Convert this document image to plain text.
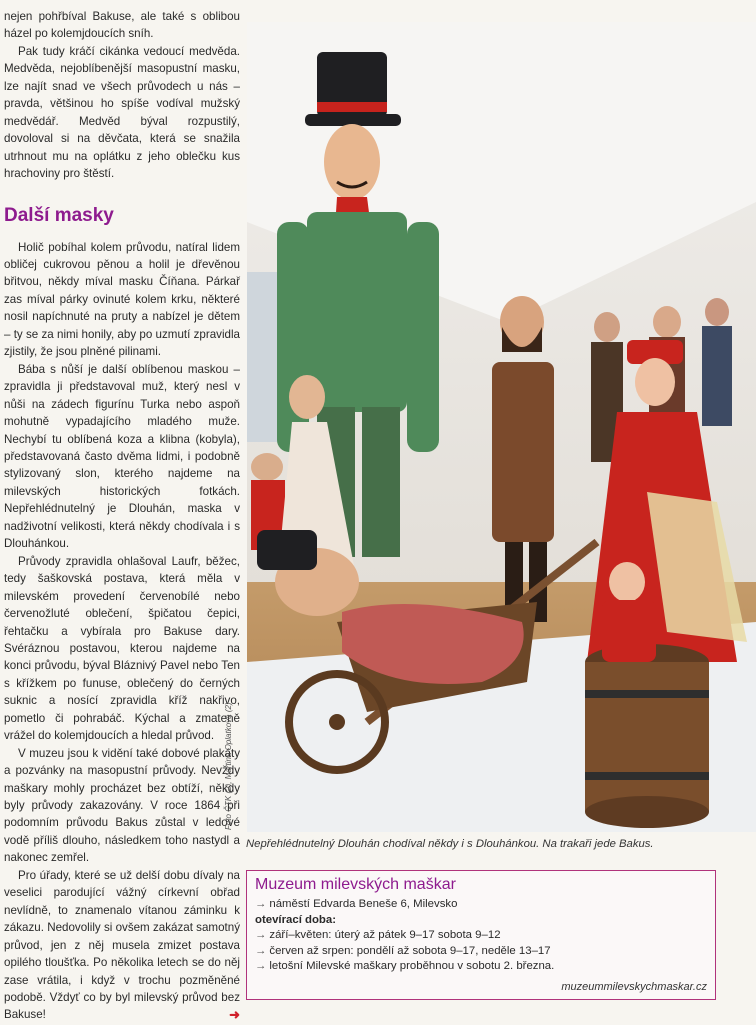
nejen pohřbíval Bakuse, ale také s oblibou házel po kolemjdoucích sníh.

Pak tudy kráčí cikánka vedoucí medvěda. Medvěda, nejoblíbenější masopustní masku, lze najít snad ve všech průvodech u nás – pravda, většinou ho spíše vodíval mužský medvědář. Medvěd býval rozpustilý, dovoloval si na děvčata, která se snažila utrhnout mu na oplátku z jeho oblečku kus hrachoviny pro štěstí.

Další masky

Holič pobíhal kolem průvodu, natíral lidem obličej cukrovou pěnou a holil je dřevěnou břitvou, někdy míval masku Číňana. Párkař zas míval párky ovinuté kolem krku, některé nosil napíchnuté na pruty a nabízel je dětem – ty se za nimi honily, aby po uzmutí zpravidla zjistily, že jsou plněné pilinami.

Bába s nůší je další oblíbenou maskou – zpravidla ji představoval muž, který nesl v nůši na zádech figurínu Turka nebo aspoň mohutně vypadajícího mladého muže. Nechybí tu oblíbená koza a klibna (kobyla), představovaná často dvěma lidmi, i podobně stylizovaný slon, kterého najdeme na milevských historických fotkách. Nepřehlédnutelný je Dlouhán, maska v nadživotní velikosti, která někdy chodívala i s Dlouhánkou.

Průvody zpravidla ohlašoval Laufr, běžec, tedy šaškovská postava, která měla v milevském provedení červenobílé nebo červenožluté oblečení, špičatou čepici, řehtačku a vybírala pro Bakuse dary. Svéráznou postavou, kterou najdeme na konci průvodu, býval Bláznivý Pavel nebo Ten s křížkem po funuse, oblečený do černých suknic a nosící zpravidla kříž nakřivo, pometlo či pohrabáč. Kýchal a zmateně vrážel do kolemjdoucích a hledal průvod.

V muzeu jsou k vidění také dobové plakáty a pozvánky na masopustní průvody. Nevždy maškary mohly procházet bez obtíží, někdy byly průvody zakazovány. V roce 1864 při podomním průvodu Bakus zůstal v ledové vodě příliš dlouho, následkem toho nastydl a nakonec zemřel.

Pro úřady, které se už delší dobu dívaly na veselici parodující vážný církevní obřad nevlídně, to znamenalo vítanou záminku k zákazu. Nedovolily si ovšem zakázat samotný průvod, jen z něj musela zmizet postava opilého tloušťka. Po několika letech se do něj zase vrátila, i když v trochu pozměněné podobě. Vždyť co by byl milevský průvod bez Bakuse!	➜

Foto ČTK (2), Martina Oplatková (2)
Nepřehlédnutelný Dlouhán chodíval někdy i s Dlouhánkou. Na trakaři jede Bakus.
Muzeum milevských maškar

→ náměstí Edvarda Beneše 6, Milevsko

otevírací doba:

→ září–květen: úterý až pátek 9–17 sobota 9–12

→ červen až srpen: pondělí až sobota 9–17, neděle 13–17

→ letošní Milevské maškary proběhnou v sobotu 2. března.

muzeummilevskychmaskar.cz
